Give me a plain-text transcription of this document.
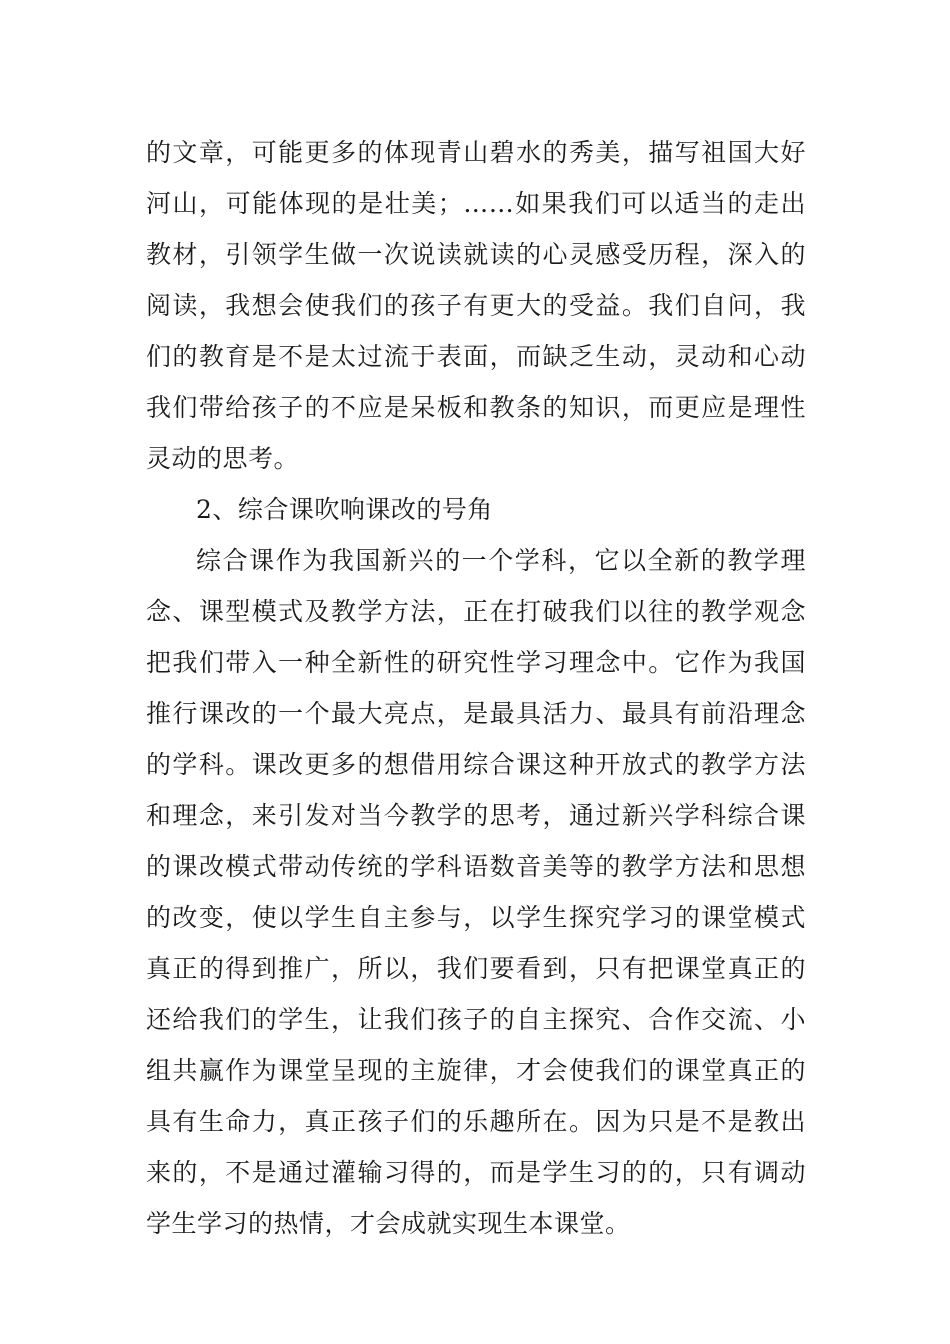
的文章，可能更多的体现青山碧水的秀美，描写祖国大好
河山，可能体现的是壮美；……如果我们可以适当的走出
教材，引领学生做一次说读就读的心灵感受历程，深入的
阅读，我想会使我们的孩子有更大的受益。我们自问，我
们的教育是不是太过流于表面，而缺乏生动，灵动和心动
我们带给孩子的不应是呆板和教条的知识，而更应是理性
灵动的思考。
2、综合课吹响课改的号角
综合课作为我国新兴的一个学科，它以全新的教学理
念、课型模式及教学方法，正在打破我们以往的教学观念
把我们带入一种全新性的研究性学习理念中。它作为我国
推行课改的一个最大亮点，是最具活力、最具有前沿理念
的学科。课改更多的想借用综合课这种开放式的教学方法
和理念，来引发对当今教学的思考，通过新兴学科综合课
的课改模式带动传统的学科语数音美等的教学方法和思想
的改变，使以学生自主参与，以学生探究学习的课堂模式
真正的得到推广，所以，我们要看到，只有把课堂真正的
还给我们的学生，让我们孩子的自主探究、合作交流、小
组共赢作为课堂呈现的主旋律，才会使我们的课堂真正的
具有生命力，真正孩子们的乐趣所在。因为只是不是教出
来的，不是通过灌输习得的，而是学生习的的，只有调动
学生学习的热情，才会成就实现生本课堂。
